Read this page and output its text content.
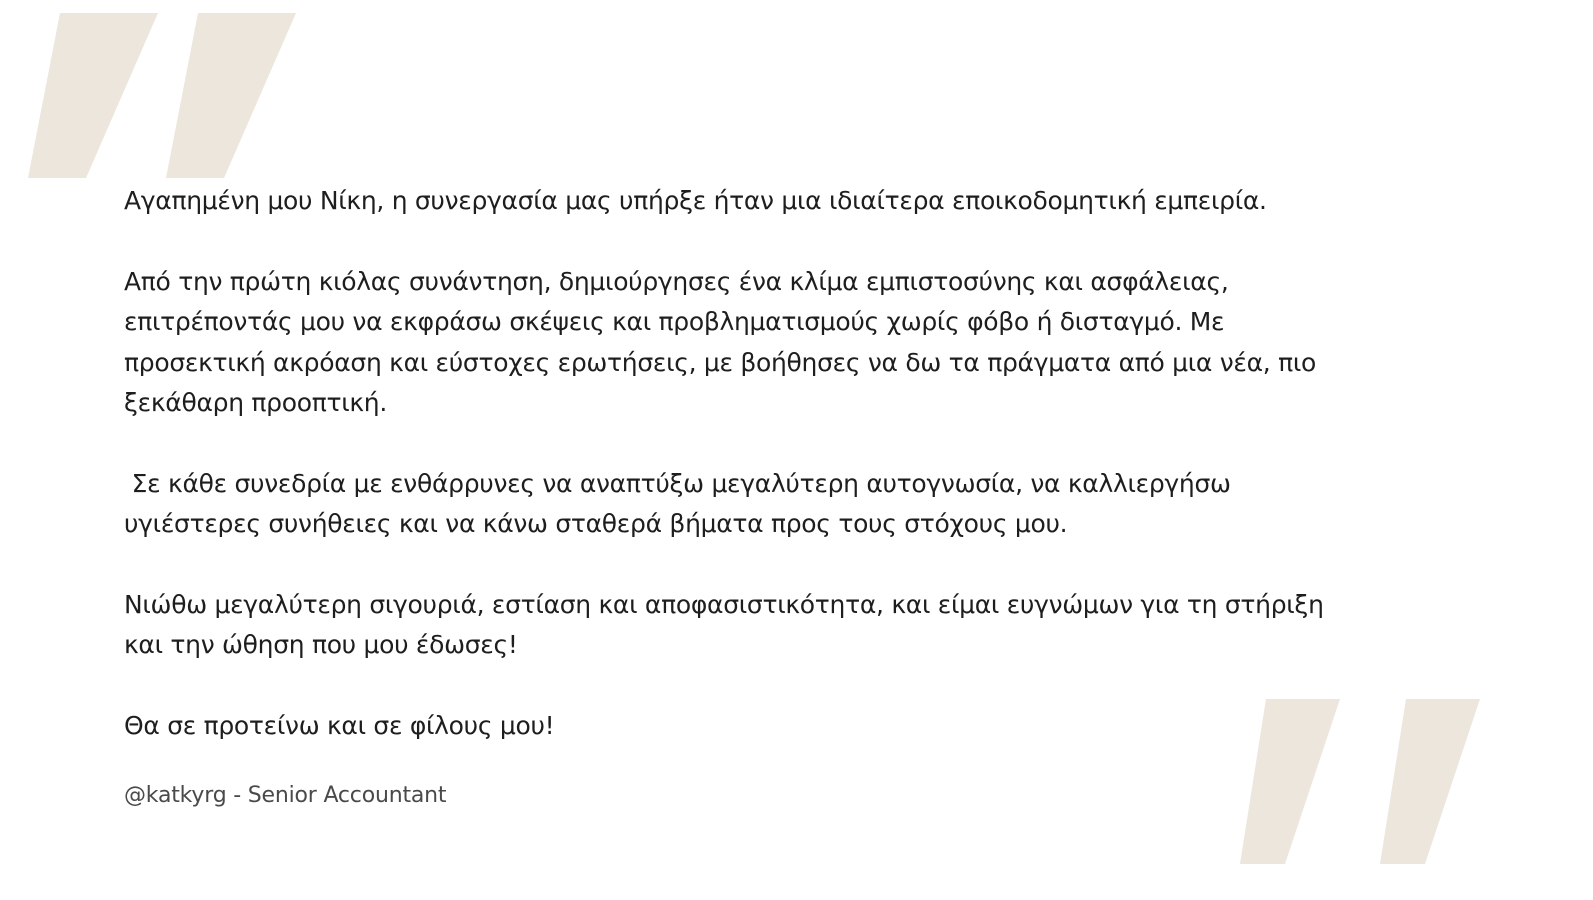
Αγαπημένη μου Νίκη, η συνεργασία μας υπήρξε ήταν μια ιδιαίτερα εποικοδομητική εμπειρία.

Από την πρώτη κιόλας συνάντηση, δημιούργησες ένα κλίμα εμπιστοσύνης και ασφάλειας,
επιτρέποντάς μου να εκφράσω σκέψεις και προβληματισμούς χωρίς φόβο ή δισταγμό. Με
προσεκτική ακρόαση και εύστοχες ερωτήσεις, με βοήθησες να δω τα πράγματα από μια νέα, πιο
ξεκάθαρη προοπτική.

Σε κάθε συνεδρία με ενθάρρυνες να αναπτύξω μεγαλύτερη αυτογνωσία, να καλλιεργήσω
υγιέστερες συνήθειες και να κάνω σταθερά βήματα προς τους στόχους μου.

Νιώθω μεγαλύτερη σιγουριά, εστίαση και αποφασιστικότητα, και είμαι ευγνώμων για τη στήριξη
και την ώθηση που μου έδωσες!

Θα σε προτείνω και σε φίλους μου!

@katkyrg - Senior Accountant
